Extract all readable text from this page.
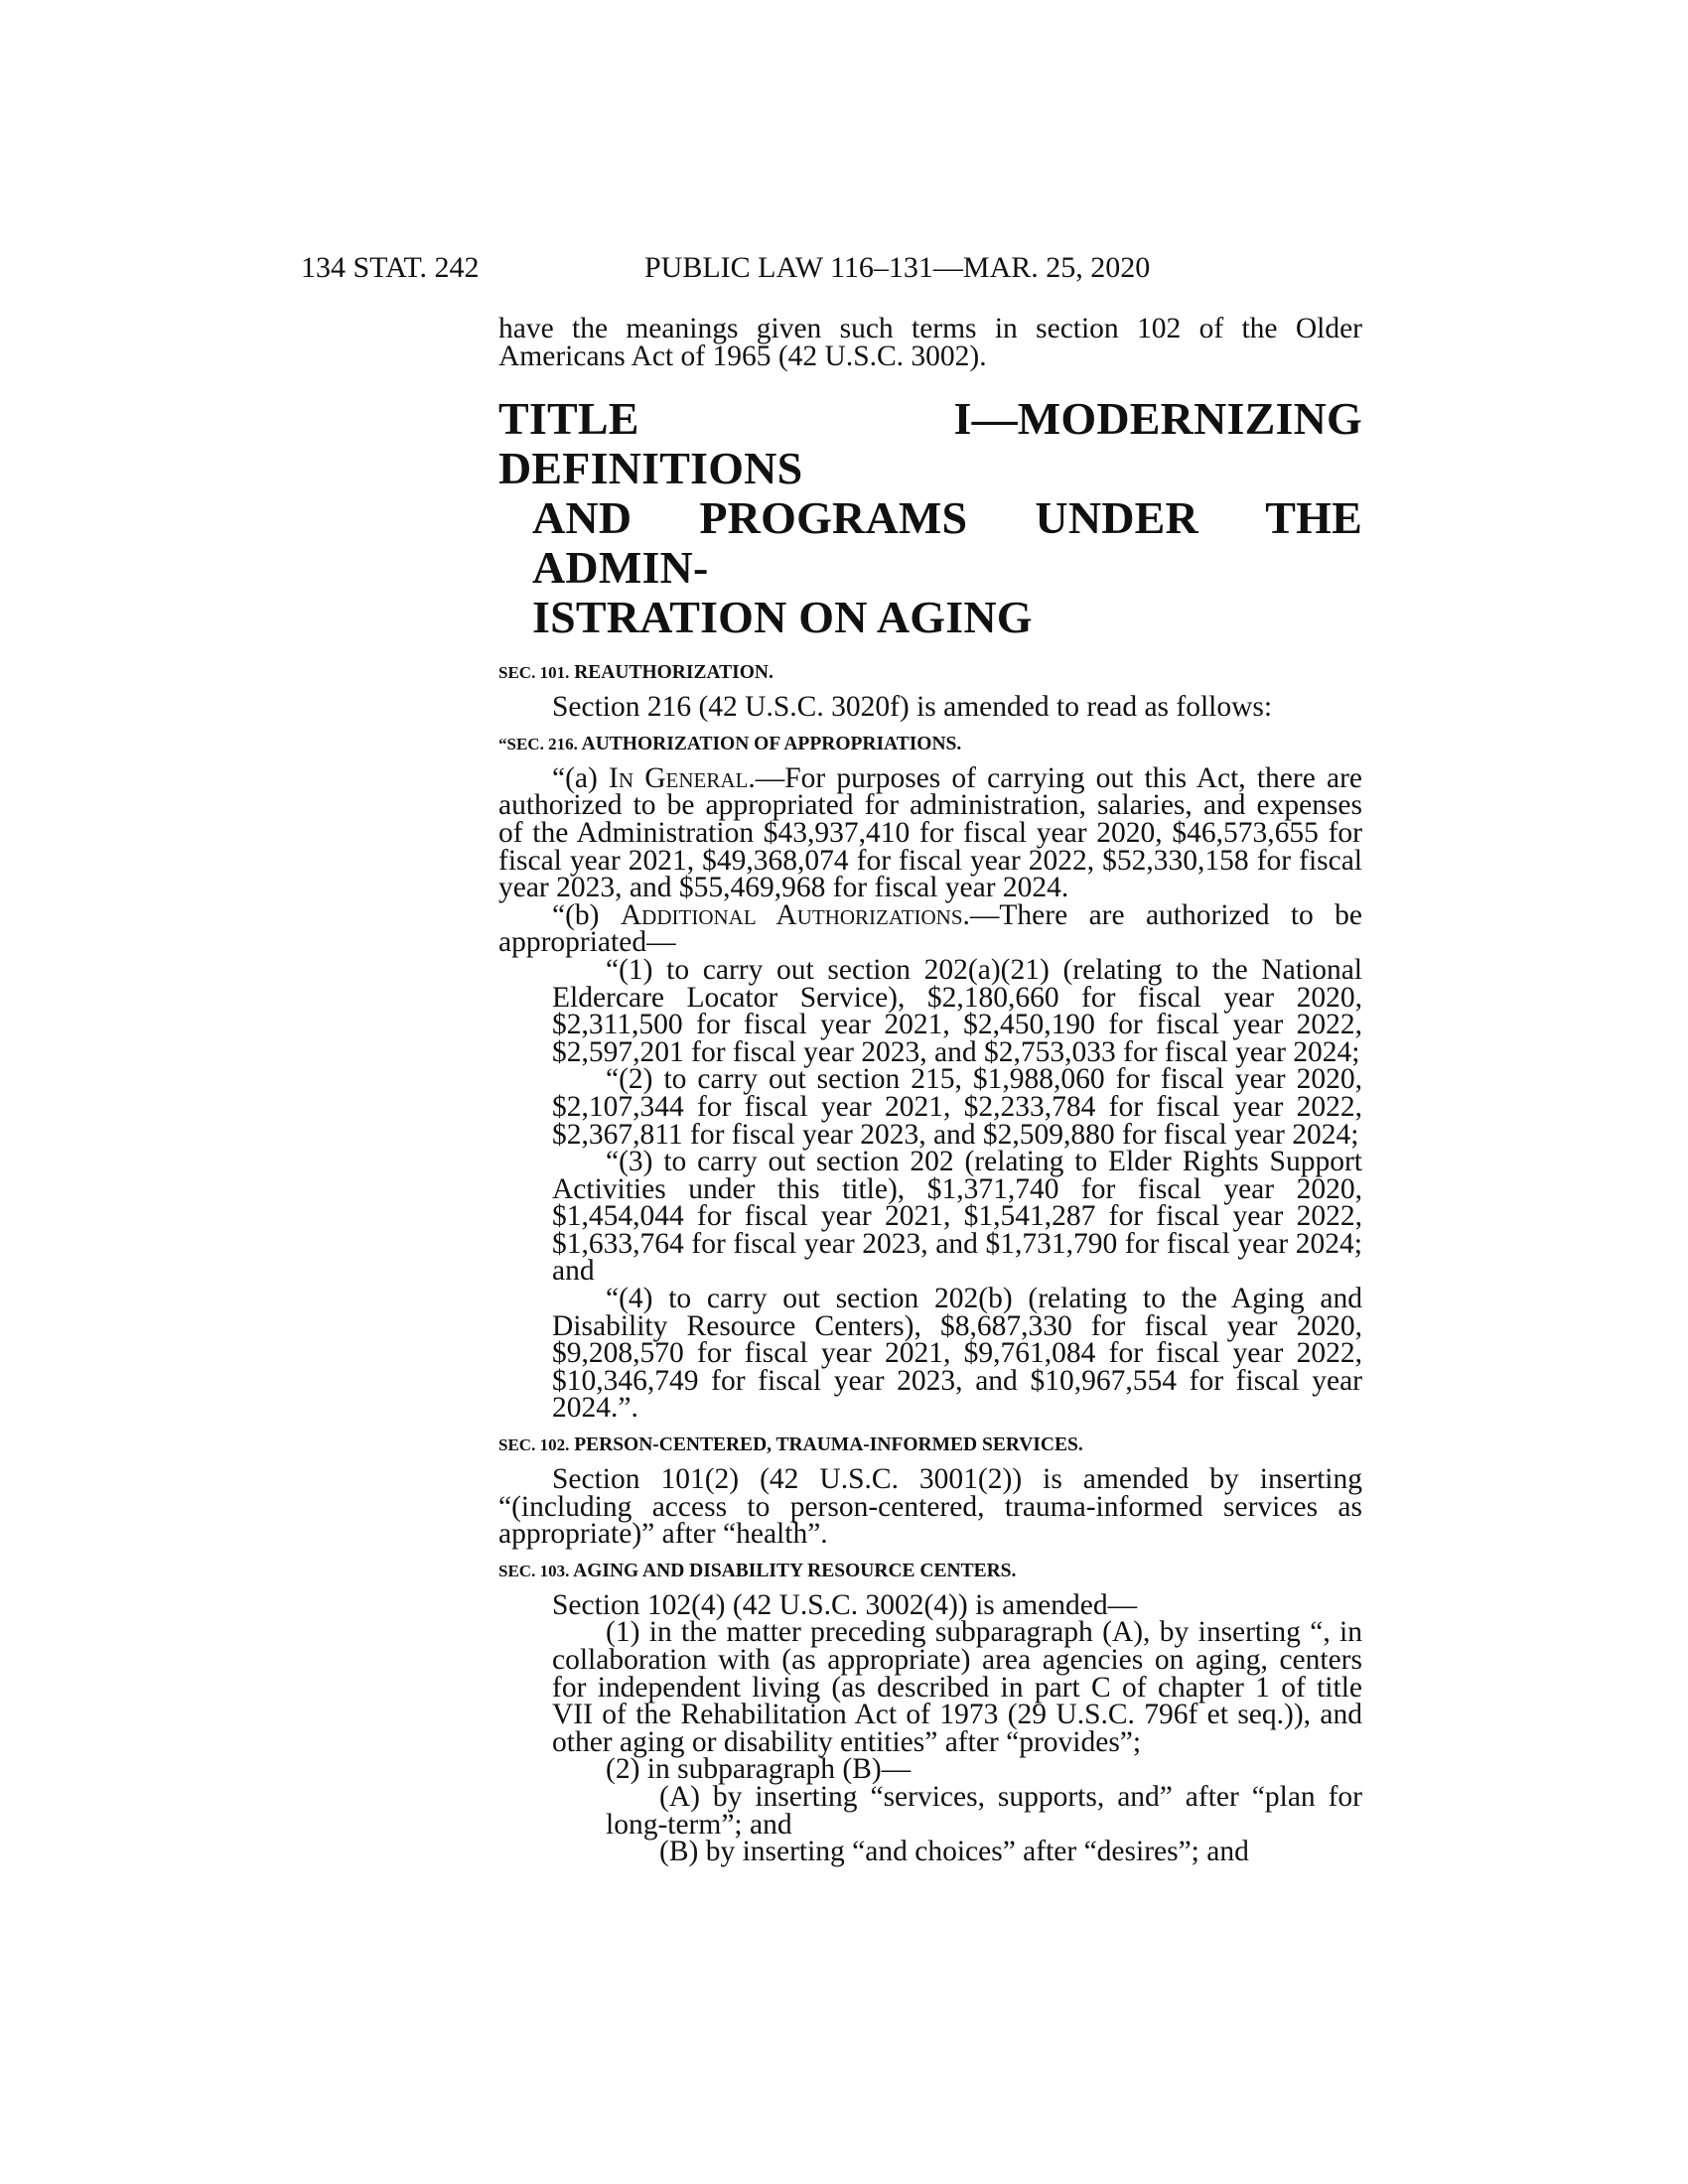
134 STAT. 242	PUBLIC LAW 116–131—MAR. 25, 2020

have the meanings given such terms in section 102 of the Older Americans Act of 1965 (42 U.S.C. 3002).

TITLE I—MODERNIZING DEFINITIONS
AND PROGRAMS UNDER THE ADMIN-
ISTRATION ON AGING
SEC. 101. REAUTHORIZATION.

Section 216 (42 U.S.C. 3020f) is amended to read as follows:

“SEC. 216. AUTHORIZATION OF APPROPRIATIONS.

“(a) In General.—For purposes of carrying out this Act, there are authorized to be appropriated for administration, salaries, and expenses of the Administration $43,937,410 for fiscal year 2020, $46,573,655 for fiscal year 2021, $49,368,074 for fiscal year 2022, $52,330,158 for fiscal year 2023, and $55,469,968 for fiscal year 2024.

“(b) Additional Authorizations.—There are authorized to be appropriated—

“(1) to carry out section 202(a)(21) (relating to the National Eldercare Locator Service), $2,180,660 for fiscal year 2020, $2,311,500 for fiscal year 2021, $2,450,190 for fiscal year 2022, $2,597,201 for fiscal year 2023, and $2,753,033 for fiscal year 2024;

“(2) to carry out section 215, $1,988,060 for fiscal year 2020, $2,107,344 for fiscal year 2021, $2,233,784 for fiscal year 2022, $2,367,811 for fiscal year 2023, and $2,509,880 for fiscal year 2024;

“(3) to carry out section 202 (relating to Elder Rights Support Activities under this title), $1,371,740 for fiscal year 2020, $1,454,044 for fiscal year 2021, $1,541,287 for fiscal year 2022, $1,633,764 for fiscal year 2023, and $1,731,790 for fiscal year 2024; and

“(4) to carry out section 202(b) (relating to the Aging and Disability Resource Centers), $8,687,330 for fiscal year 2020, $9,208,570 for fiscal year 2021, $9,761,084 for fiscal year 2022, $10,346,749 for fiscal year 2023, and $10,967,554 for fiscal year 2024.”.

SEC. 102. PERSON-CENTERED, TRAUMA-INFORMED SERVICES.

Section 101(2) (42 U.S.C. 3001(2)) is amended by inserting “(including access to person-centered, trauma-informed services as appropriate)” after “health”.

SEC. 103. AGING AND DISABILITY RESOURCE CENTERS.

Section 102(4) (42 U.S.C. 3002(4)) is amended—

(1) in the matter preceding subparagraph (A), by inserting “, in collaboration with (as appropriate) area agencies on aging, centers for independent living (as described in part C of chapter 1 of title VII of the Rehabilitation Act of 1973 (29 U.S.C. 796f et seq.)), and other aging or disability entities” after “provides”;

(2) in subparagraph (B)—

(A) by inserting “services, supports, and” after “plan for long-term”; and

(B) by inserting “and choices” after “desires”; and
